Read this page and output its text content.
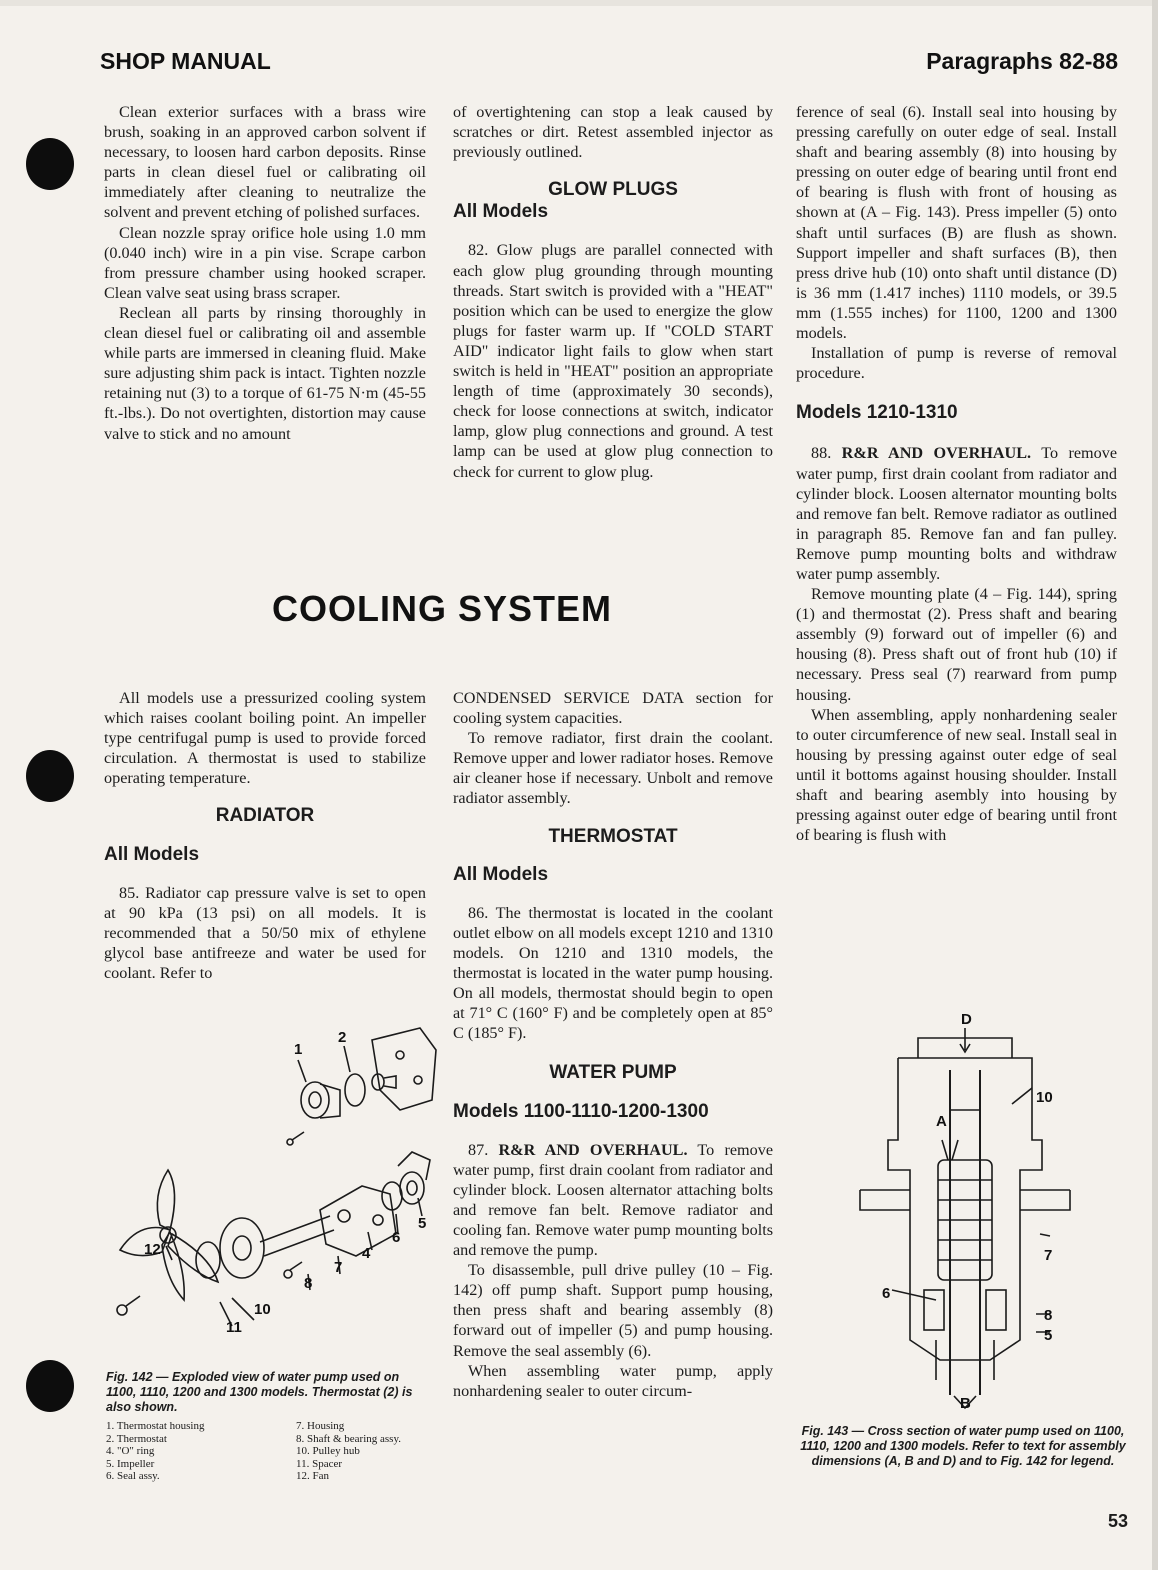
SHOP MANUAL	Paragraphs 82-88

Clean exterior surfaces with a brass wire brush, soaking in an approved carbon solvent if necessary, to loosen hard carbon deposits. Rinse parts in clean diesel fuel or calibrating oil immediately after cleaning to neutralize the solvent and prevent etching of polished surfaces.

Clean nozzle spray orifice hole using 1.0 mm (0.040 inch) wire in a pin vise. Scrape carbon from pressure chamber using hooked scraper. Clean valve seat using brass scraper.

Reclean all parts by rinsing thoroughly in clean diesel fuel or calibrating oil and assemble while parts are immersed in cleaning fluid. Make sure adjusting shim pack is intact. Tighten nozzle retaining nut (3) to a torque of 61-75 N·m (45-55 ft.-lbs.). Do not overtighten, distortion may cause valve to stick and no amount

of overtightening can stop a leak caused by scratches or dirt. Retest assembled injector as previously outlined.

GLOW PLUGS

All Models

82. Glow plugs are parallel connected with each glow plug grounding through mounting threads. Start switch is provided with a "HEAT" position which can be used to energize the glow plugs for faster warm up. If "COLD START AID" indicator light fails to glow when start switch is held in "HEAT" position an appropriate length of time (approximately 30 seconds), check for loose connections at switch, indicator lamp, glow plug connections and ground. A test lamp can be used at glow plug connection to check for current to glow plug.

ference of seal (6). Install seal into housing by pressing carefully on outer edge of seal. Install shaft and bearing assembly (8) into housing by pressing on outer edge of bearing until front end of bearing is flush with front of housing as shown at (A – Fig. 143). Press impeller (5) onto shaft until surfaces (B) are flush as shown. Support impeller and shaft surfaces (B), then press drive hub (10) onto shaft until distance (D) is 36 mm (1.417 inches) 1110 models, or 39.5 mm (1.555 inches) for 1100, 1200 and 1300 models.

Installation of pump is reverse of removal procedure.

Models 1210-1310

88. R&R AND OVERHAUL. To remove water pump, first drain coolant from radiator and cylinder block. Loosen alternator mounting bolts and remove fan belt. Remove radiator as outlined in paragraph 85. Remove fan and fan pulley. Remove pump mounting bolts and withdraw water pump assembly.

Remove mounting plate (4 – Fig. 144), spring (1) and thermostat (2). Press shaft and bearing assembly (9) forward out of impeller (6) and housing (8). Press shaft out of front hub (10) if necessary. Press seal (7) rearward from pump housing.

When assembling, apply nonhardening sealer to outer circumference of new seal. Install seal in housing by pressing against outer edge of seal until it bottoms against housing shoulder. Install shaft and bearing asembly into housing by pressing against outer edge of bearing until front of bearing is flush with

COOLING SYSTEM

All models use a pressurized cooling system which raises coolant boiling point. An impeller type centrifugal pump is used to provide forced circulation. A thermostat is used to stabilize operating temperature.

RADIATOR

All Models

85. Radiator cap pressure valve is set to open at 90 kPa (13 psi) on all models. It is recommended that a 50/50 mix of ethylene glycol base antifreeze and water be used for coolant. Refer to

CONDENSED SERVICE DATA section for cooling system capacities.

To remove radiator, first drain the coolant. Remove upper and lower radiator hoses. Remove air cleaner hose if necessary. Unbolt and remove radiator assembly.

THERMOSTAT

All Models

86. The thermostat is located in the coolant outlet elbow on all models except 1210 and 1310 models. On 1210 and 1310 models, the thermostat is located in the water pump housing. On all models, thermostat should begin to open at 71° C (160° F) and be completely open at 85° C (185° F).

WATER PUMP

Models 1100-1110-1200-1300

87. R&R AND OVERHAUL. To remove water pump, first drain coolant from radiator and cylinder block. Loosen alternator attaching bolts and remove fan belt. Remove radiator and cooling fan. Remove water pump mounting bolts and remove the pump.

To disassemble, pull drive pulley (10 – Fig. 142) off pump shaft. Support pump housing, then press shaft and bearing assembly (8) forward out of impeller (5) and pump housing. Remove the seal assembly (6).

When assembling water pump, apply nonhardening sealer to outer circum-

1
2
4
5
6
7
8
10
11
12
Fig. 142 — Exploded view of water pump used on 1100, 1110, 1200 and 1300 models. Thermostat (2) is also shown.
1. Thermostat housing	7. Housing
2. Thermostat	8. Shaft & bearing assy.
4. "O" ring	10. Pulley hub
5. Impeller	11. Spacer
6. Seal assy.	12. Fan
D
10
A
7
6
8
5
B
Fig. 143 — Cross section of water pump used on 1100, 1110, 1200 and 1300 models. Refer to text for assembly dimensions (A, B and D) and to Fig. 142 for legend.
53
